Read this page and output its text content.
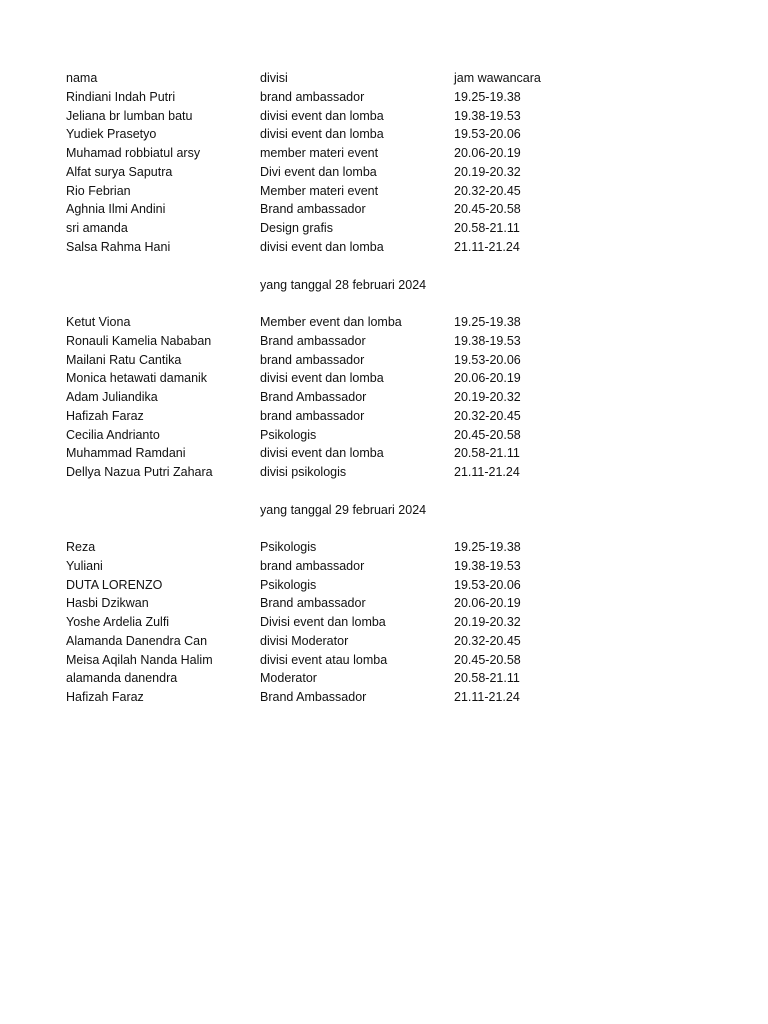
nama	divisi	jam wawancara
Rindiani Indah Putri	brand ambassador	19.25-19.38
Jeliana br lumban batu	divisi event dan lomba	19.38-19.53
Yudiek Prasetyo	divisi event dan lomba	19.53-20.06
Muhamad robbiatul arsy	member materi event	20.06-20.19
Alfat surya Saputra	Divi event dan lomba	20.19-20.32
Rio Febrian	Member materi event	20.32-20.45
Aghnia Ilmi Andini	Brand ambassador	20.45-20.58
sri amanda	Design grafis	20.58-21.11
Salsa Rahma Hani	divisi event dan lomba	21.11-21.24
yang tanggal 28 februari 2024
Ketut Viona	Member event dan lomba	19.25-19.38
Ronauli Kamelia Nababan	Brand ambassador	19.38-19.53
Mailani Ratu Cantika	brand ambassador	19.53-20.06
Monica hetawati damanik	divisi event dan lomba	20.06-20.19
Adam Juliandika	Brand Ambassador	20.19-20.32
Hafizah Faraz	brand ambassador	20.32-20.45
Cecilia Andrianto	Psikologis	20.45-20.58
Muhammad Ramdani	divisi event dan lomba	20.58-21.11
Dellya Nazua Putri Zahara	divisi psikologis	21.11-21.24
yang tanggal 29 februari 2024
Reza	Psikologis	19.25-19.38
Yuliani	brand ambassador	19.38-19.53
DUTA LORENZO	Psikologis	19.53-20.06
Hasbi Dzikwan	Brand ambassador	20.06-20.19
Yoshe Ardelia Zulfi	Divisi event dan lomba	20.19-20.32
Alamanda Danendra Can	divisi Moderator	20.32-20.45
Meisa Aqilah Nanda Halim	divisi event atau lomba	20.45-20.58
alamanda danendra	Moderator	20.58-21.11
Hafizah Faraz	Brand Ambassador	21.11-21.24
